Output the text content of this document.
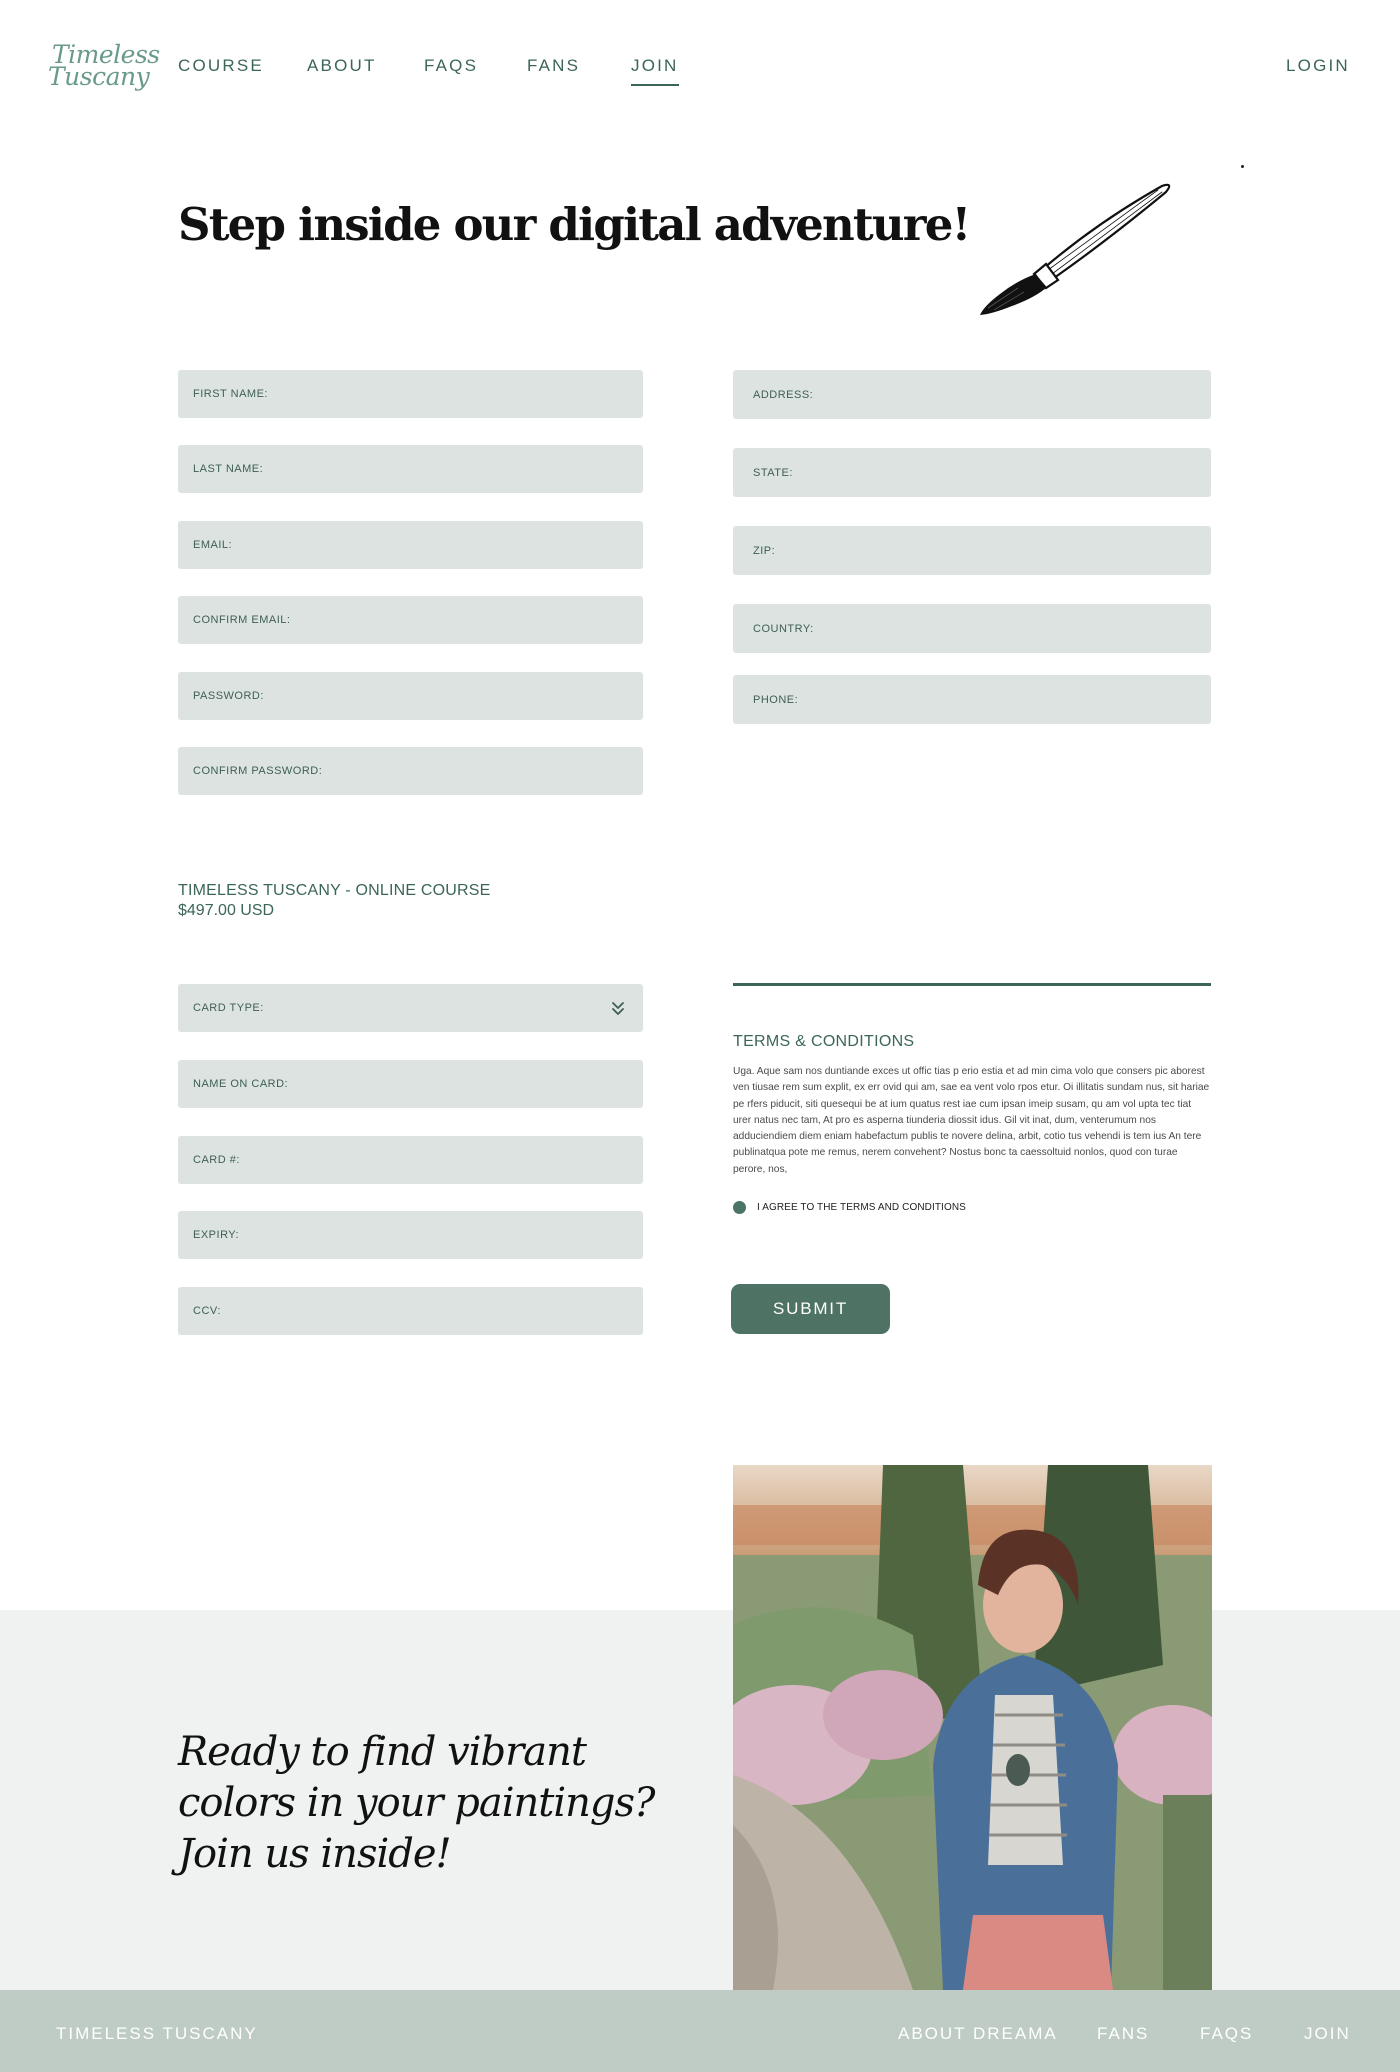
Timeless
Tuscany COURSE	ABOUT	FAQS	FANS	JOIN	LOGIN
Step inside our digital adventure!
FIRST NAME:
LAST NAME:
EMAIL:
CONFIRM EMAIL:
PASSWORD:
CONFIRM PASSWORD:
ADDRESS:
STATE:
ZIP:
COUNTRY:
PHONE:
TIMELESS TUSCANY - ONLINE COURSE
$497.00 USD
CARD TYPE:
NAME ON CARD:
CARD #:
EXPIRY:
CCV:
TERMS & CONDITIONS

Uga. Aque sam nos duntiande exces ut offic tias p erio estia et ad min cima volo que consers pic aborest ven tiusae rem sum explit, ex err ovid qui am, sae ea vent volo rpos etur. Oi illitatis sundam nus, sit hariae pe rfers piducit, siti quesequi be at ium quatus rest iae cum ipsan imeip susam, qu am vol upta tec tiat urer natus nec tam, At pro es asperna tiunderia diossit idus. Gil vit inat, dum, venterumum nos adduciendiem diem eniam habefactum publis te novere delina, arbit, cotio tus vehendi is tem ius An tere publinatqua pote me remus, nerem convehent? Nostus bonc ta caessoltuid nonlos, quod con turae perore, nos,

I AGREE TO THE TERMS AND CONDITIONS
SUBMIT
Ready to find vibrant
colors in your paintings?
Join us inside!
TIMELESS TUSCANY	ABOUT DREAMA FANS	FAQS	JOIN
